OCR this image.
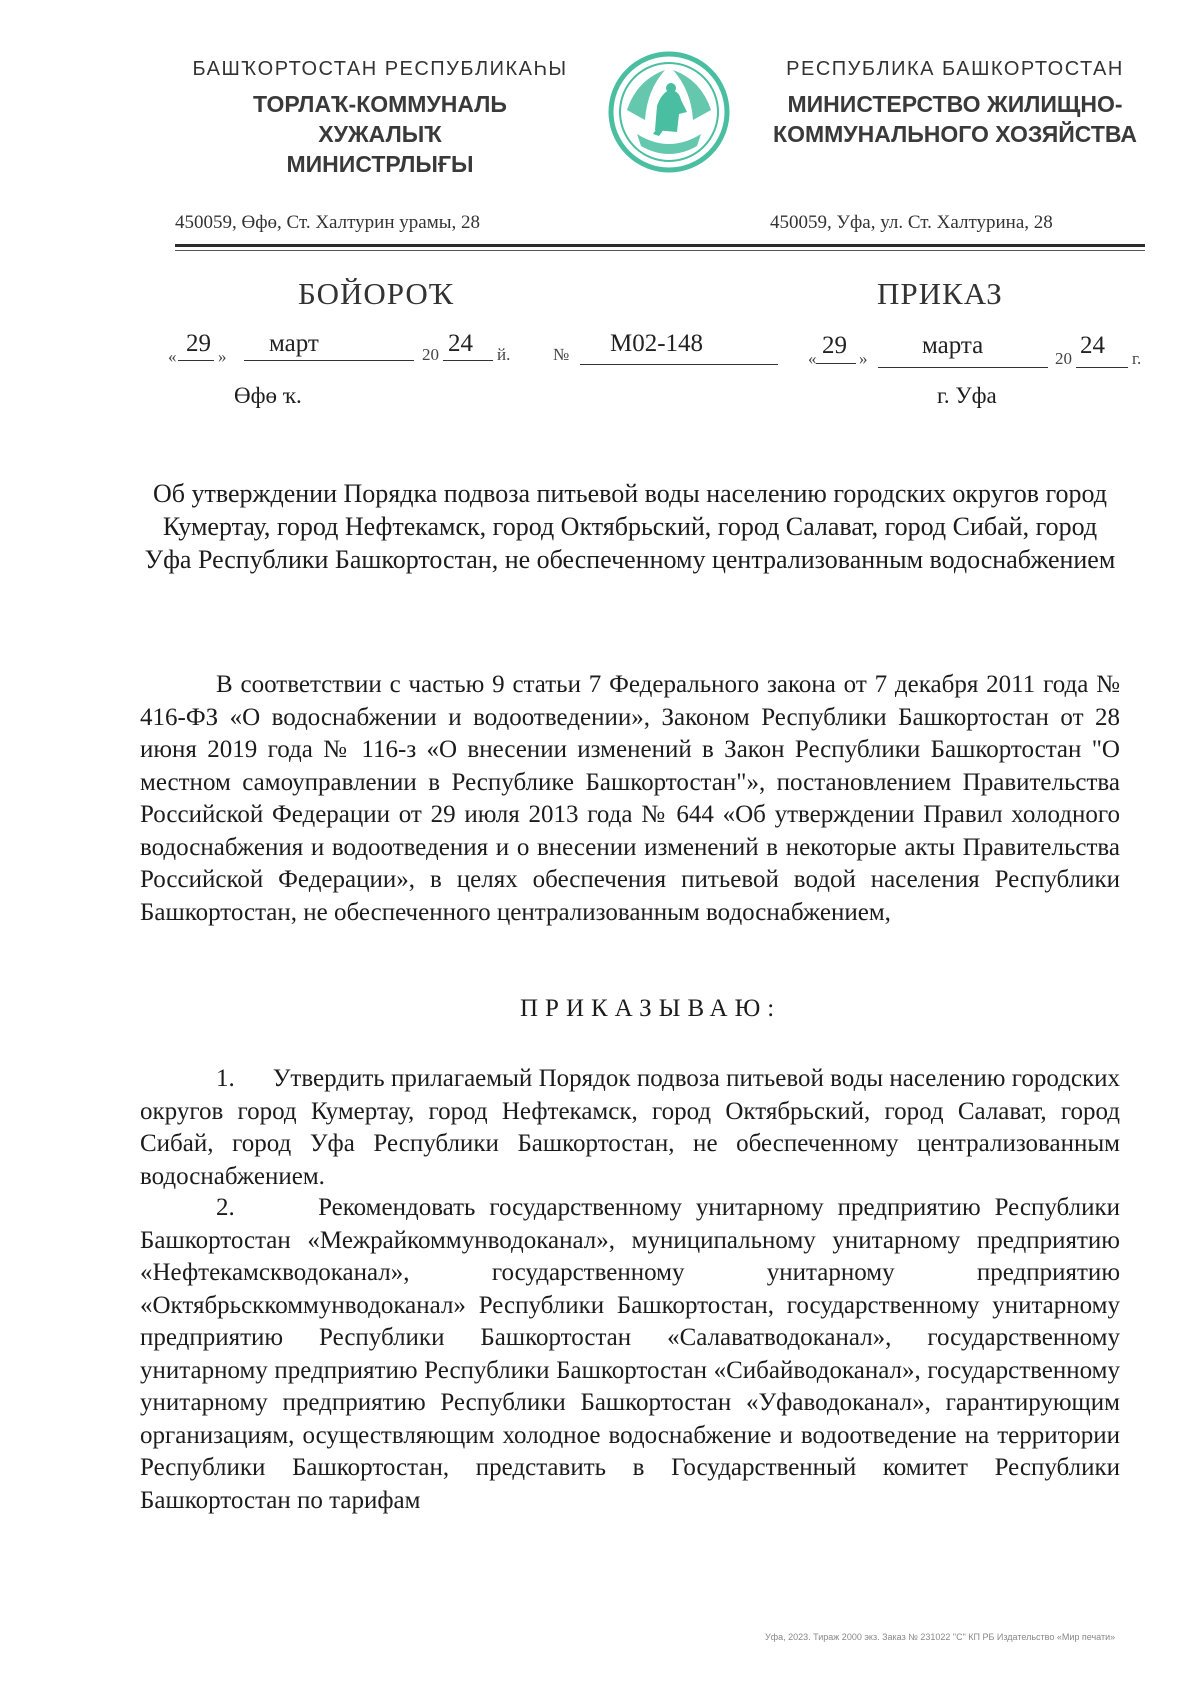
БАШҠОРТОСТАН РЕСПУБЛИКАҺЫ
ТОРЛАҠ-КОММУНАЛЬ ХУЖАЛЫҠ МИНИСТРЛЫҒЫ
РЕСПУБЛИКА БАШКОРТОСТАН
МИНИСТЕРСТВО ЖИЛИЩНО-КОММУНАЛЬНОГО ХОЗЯЙСТВА
450059, Өфө, Ст. Халтурин урамы, 28	450059, Уфа, ул. Ст. Халтурина, 28
БОЙОРОҠ	ПРИКАЗ
« 29 » март	20 24 й.	№ М02-148
« 29 » марта	20 24 г.
Өфө ҡ.	г. Уфа
Об утверждении Порядка подвоза питьевой воды населению городских округов город Кумертау, город Нефтекамск, город Октябрьский, город Салават, город Сибай, город Уфа Республики Башкортостан, не обеспеченному централизованным водоснабжением

В соответствии с частью 9 статьи 7 Федерального закона от 7 декабря 2011 года № 416-ФЗ «О водоснабжении и водоотведении», Законом Республики Башкортостан от 28 июня 2019 года № 116-з «О внесении изменений в Закон Республики Башкортостан "О местном самоуправлении в Республике Башкортостан"», постановлением Правительства Российской Федерации от 29 июля 2013 года № 644 «Об утверждении Правил холодного водоснабжения и водоотведения и о внесении изменений в некоторые акты Правительства Российской Федерации», в целях обеспечения питьевой водой населения Республики Башкортостан, не обеспеченного централизованным водоснабжением,

ПРИКАЗЫВАЮ:

1.      Утвердить прилагаемый Порядок подвоза питьевой воды населению городских округов город Кумертау, город Нефтекамск, город Октябрьский, город Салават, город Сибай, город Уфа Республики Башкортостан, не обеспеченному централизованным водоснабжением.

2.      Рекомендовать государственному унитарному предприятию Республики Башкортостан «Межрайкоммунводоканал», муниципальному унитарному предприятию «Нефтекамскводоканал», государственному унитарному предприятию «Октябрьсккоммунводоканал» Республики Башкортостан, государственному унитарному предприятию Республики Башкортостан «Салаватводоканал», государственному унитарному предприятию Республики Башкортостан «Сибайводоканал», государственному унитарному предприятию Республики Башкортостан «Уфаводоканал», гарантирующим организациям, осуществляющим холодное водоснабжение и водоотведение на территории Республики Башкортостан, представить в Государственный комитет Республики Башкортостан по тарифам

Уфа, 2023. Тираж 2000 экз. Заказ № 231022 "С" КП РБ Издательство «Мир печати»
